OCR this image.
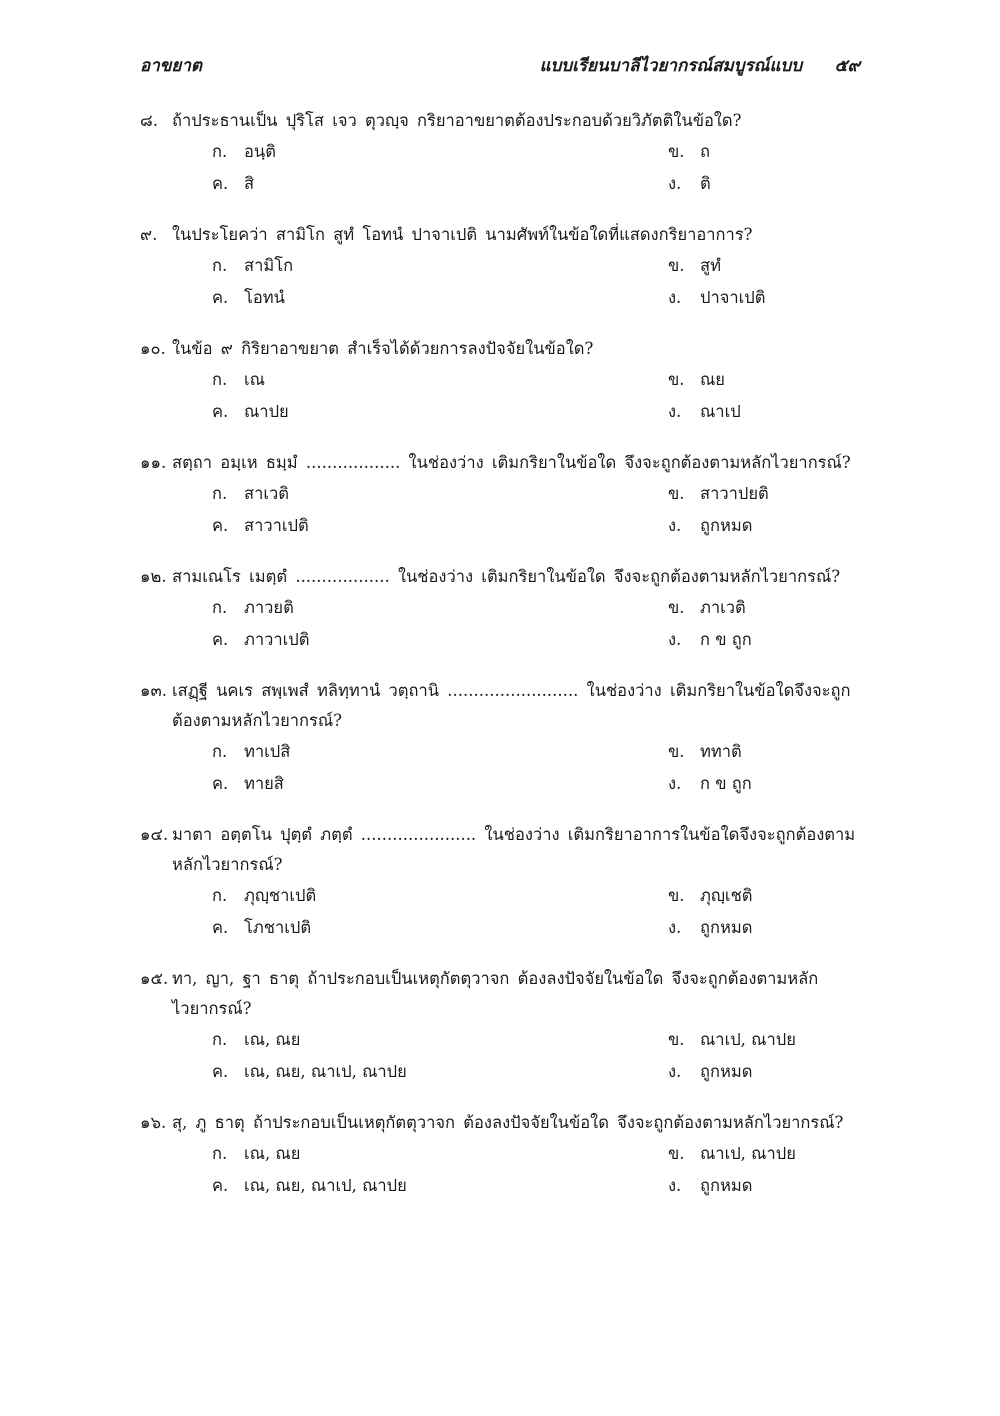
อาขยาต	แบบเรียนบาลีไวยากรณ์สมบูรณ์แบบ ๕๙
๘. ถ้าประธานเป็น ปุริโส เจว ตุวญฺจ กริยาอาขยาตต้องประกอบด้วยวิภัตติในข้อใด?
ก. อนฺติ	ข. ถ
ค. สิ	ง. ติ
๙. ในประโยคว่า สามิโก สูทํ โอทนํ ปาจาเปติ นามศัพท์ในข้อใดที่แสดงกริยาอาการ?
ก. สามิโก	ข. สูทํ
ค. โอทนํ	ง. ปาจาเปติ
๑๐. ในข้อ ๙ กิริยาอาขยาต สำเร็จได้ด้วยการลงปัจจัยในข้อใด?
ก. เณ	ข. ณย
ค. ณาปย	ง. ณาเป
๑๑. สตฺถา อมฺเห ธมฺมํ .................. ในช่องว่าง เติมกริยาในข้อใด จึงจะถูกต้องตามหลักไวยากรณ์?
ก. สาเวติ	ข. สาวาปยติ
ค. สาวาเปติ	ง. ถูกหมด
๑๒. สามเณโร เมตฺตํ .................. ในช่องว่าง เติมกริยาในข้อใด จึงจะถูกต้องตามหลักไวยากรณ์?
ก. ภาวยติ	ข. ภาเวติ
ค. ภาวาเปติ	ง. ก ข ถูก
๑๓. เสฏฺฐี นคเร สพฺเพสํ ทลิทฺทานํ วตฺถานิ ......................... ในช่องว่าง เติมกริยาในข้อใดจึงจะถูกต้องตามหลักไวยากรณ์?
ก. ทาเปสิ	ข. ททาติ
ค. ทายสิ	ง. ก ข ถูก
๑๔. มาตา อตฺตโน ปุตฺตํ ภตฺตํ ...................... ในช่องว่าง เติมกริยาอาการในข้อใดจึงจะถูกต้องตามหลักไวยากรณ์?
ก. ภุญฺชาเปติ	ข. ภุญฺเชติ
ค. โภชาเปติ	ง. ถูกหมด
๑๕. ทา, ญา, ฐา ธาตุ ถ้าประกอบเป็นเหตุกัตตุวาจก ต้องลงปัจจัยในข้อใด จึงจะถูกต้องตามหลักไวยากรณ์?
ก. เณ, ณย	ข. ณาเป, ณาปย
ค. เณ, ณย, ณาเป, ณาปย	ง. ถูกหมด
๑๖. สุ, ภู ธาตุ ถ้าประกอบเป็นเหตุกัตตุวาจก ต้องลงปัจจัยในข้อใด จึงจะถูกต้องตามหลักไวยากรณ์?
ก. เณ, ณย	ข. ณาเป, ณาปย
ค. เณ, ณย, ณาเป, ณาปย	ง. ถูกหมด
